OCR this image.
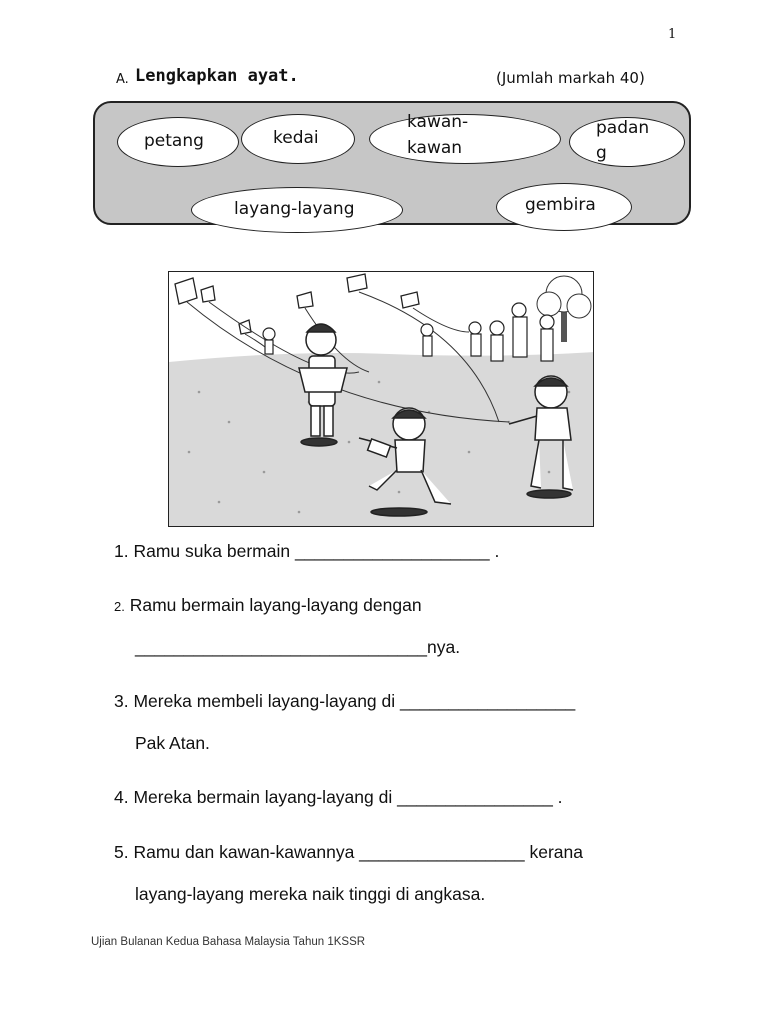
1
A. Lengkapkan ayat.	(Jumlah markah 40)
petang	kedai
kawan-
kawan
padan
g
layang-layang	gembira
1. Ramu suka bermain ____________________ .
2. Ramu bermain layang-layang dengan
______________________________nya.
3. Mereka membeli layang-layang di __________________
Pak Atan.
4. Mereka bermain layang-layang di ________________ .
5. Ramu dan kawan-kawannya _________________ kerana
layang-layang mereka naik tinggi di angkasa.
Ujian Bulanan Kedua Bahasa Malaysia Tahun 1KSSR
